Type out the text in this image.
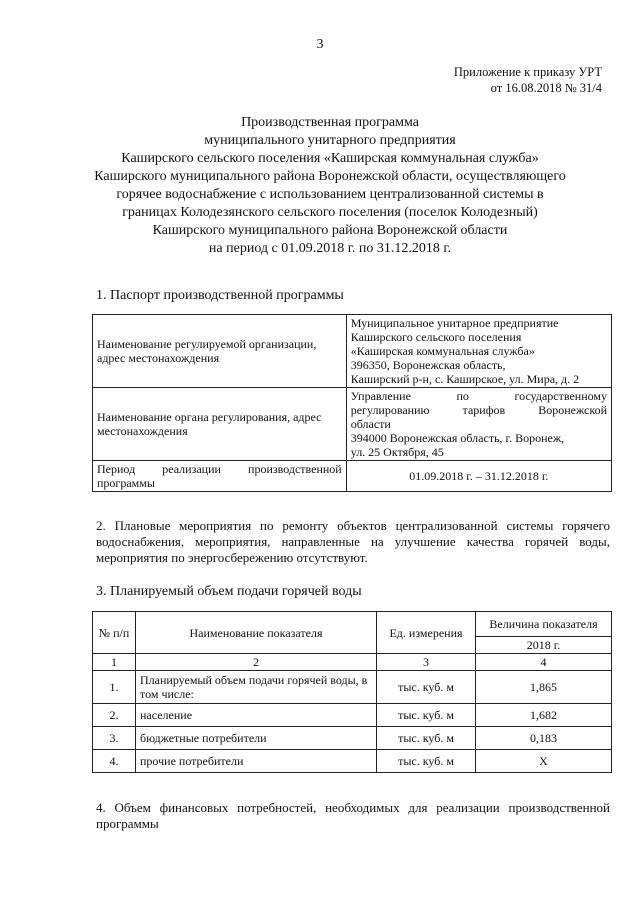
3
Приложение к приказу УРТ
от 16.08.2018 № 31/4
Производственная программа
муниципального унитарного предприятия
Каширского сельского поселения «Каширская коммунальная служба»
Каширского муниципального района Воронежской области, осуществляющего
горячее водоснабжение с использованием централизованной системы в
границах Колодезянского сельского поселения (поселок Колодезный)
Каширского муниципального района Воронежской области
на период с 01.09.2018 г. по 31.12.2018 г.
1. Паспорт производственной программы
Наименование регулируемой организации, адрес местонахождения	Муниципальное унитарное предприятие
Каширского сельского поселения
«Каширская коммунальная служба»
396350, Воронежская область,
Каширский р-н, с. Каширское, ул. Мира, д. 2

Наименование органа регулирования, адрес местонахождения	Управление по государственному
регулированию тарифов Воронежской
области
394000 Воронежская область, г. Воронеж,
ул. 25 Октября, 45

Период реализации производственной
программы	01.09.2018 г. – 31.12.2018 г.
2. Плановые мероприятия по ремонту объектов централизованной системы горячего водоснабжения, мероприятия, направленные на улучшение качества горячей воды, мероприятия по энергосбережению отсутствуют.
3. Планируемый объем подачи горячей воды
№ п/п	Наименование показателя	Ед. измерения	Величина показателя
			2018 г.
1	2	3	4
1.	Планируемый объем подачи горячей воды, в том числе:	тыс. куб. м	1,865
2.	население	тыс. куб. м	1,682
3.	бюджетные потребители	тыс. куб. м	0,183
4.	прочие потребители	тыс. куб. м	Х
4. Объем финансовых потребностей, необходимых для реализации производственной программы
